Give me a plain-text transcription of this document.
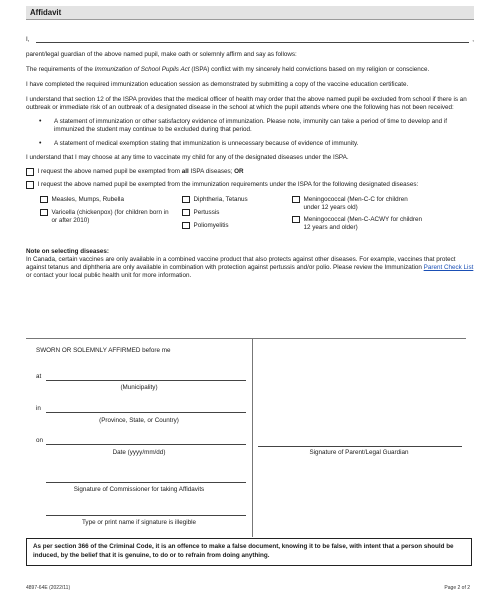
Affidavit
I,	,

parent/legal guardian of the above named pupil, make oath or solemnly affirm and say as follows:

The requirements of the Immunization of School Pupils Act (ISPA) conflict with my sincerely held convictions based on my religion or conscience.

I have completed the required immunization education session as demonstrated by submitting a copy of the vaccine education certificate.

I understand that section 12 of the ISPA provides that the medical officer of health may order that the above named pupil be excluded from school if there is an outbreak or immediate risk of an outbreak of a designated disease in the school at which the pupil attends where one the following has not been received:

• A statement of immunization or other satisfactory evidence of immunization. Please note, immunity can take a period of time to develop and if immunized the student may continue to be excluded during that period.
• A statement of medical exemption stating that immunization is unnecessary because of evidence of immunity.

I understand that I may choose at any time to vaccinate my child for any of the designated diseases under the ISPA.

I request the above named pupil be exempted from all ISPA diseases; OR
I request the above named pupil be exempted from the immunization requirements under the ISPA for the following designated diseases:
Measles, Mumps, Rubella
Varicella (chickenpox) (for children born in or after 2010)
Diphtheria, Tetanus
Pertussis
Poliomyelitis
Meningococcal (Men-C-C for children under 12 years old)
Meningococcal (Men-C-ACWY for children 12 years and older)
Note on selecting diseases:

In Canada, certain vaccines are only available in a combined vaccine product that also protects against other diseases. For example, vaccines that protect against tetanus and diphtheria are only available in combination with protection against pertussis and/or polio. Please review the Immunization Parent Check List or contact your local public health unit for more information.

SWORN OR SOLEMNLY AFFIRMED before me
at
(Municipality)
in
(Province, State, or Country)
on
Date (yyyy/mm/dd)	Signature of Parent/Legal Guardian
Signature of Commissioner for taking Affidavits
Type or print name if signature is illegible
As per section 366 of the Criminal Code, it is an offence to make a false document, knowing it to be false, with intent that a person should be induced, by the belief that it is genuine, to do or to refrain from doing anything.
4897-64E (2022/11)	Page 2 of 2
